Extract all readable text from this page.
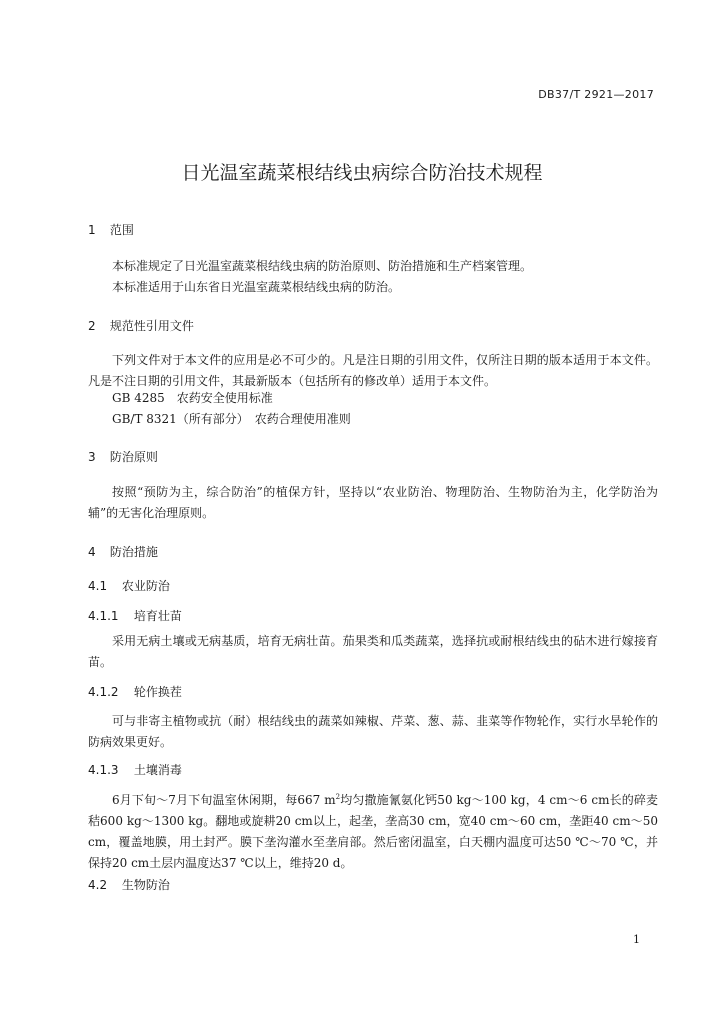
DB37/T 2921—2017
日光温室蔬菜根结线虫病综合防治技术规程
1 范围
本标准规定了日光温室蔬菜根结线虫病的防治原则、防治措施和生产档案管理。
本标准适用于山东省日光温室蔬菜根结线虫病的防治。
2 规范性引用文件
下列文件对于本文件的应用是必不可少的。凡是注日期的引用文件，仅所注日期的版本适用于本文件。凡是不注日期的引用文件，其最新版本（包括所有的修改单）适用于本文件。
GB 4285　农药安全使用标准
GB/T 8321（所有部分）　农药合理使用准则
3 防治原则
按照“预防为主，综合防治”的植保方针，坚持以“农业防治、物理防治、生物防治为主，化学防治为辅”的无害化治理原则。
4 防治措施
4.1 农业防治
4.1.1 培育壮苗
采用无病土壤或无病基质，培育无病壮苗。茄果类和瓜类蔬菜，选择抗或耐根结线虫的砧木进行嫁接育苗。
4.1.2 轮作换茬
可与非寄主植物或抗（耐）根结线虫的蔬菜如辣椒、芹菜、葱、蒜、韭菜等作物轮作，实行水旱轮作的防病效果更好。
4.1.3 土壤消毒
6月下旬～7月下旬温室休闲期，每667 $m^2$均匀撒施氰氨化钙50 kg～100 kg，4 cm～6 cm长的碎麦秸600 kg～1300 kg。翻地或旋耕20 cm以上，起垄，垄高30 cm，宽40 cm～60 cm，垄距40 cm～50 cm，覆盖地膜，用土封严。膜下垄沟灌水至垄肩部。然后密闭温室，白天棚内温度可达50 ℃～70 ℃，并保持20 cm土层内温度达37 ℃以上，维持20 d。
4.2 生物防治
1
